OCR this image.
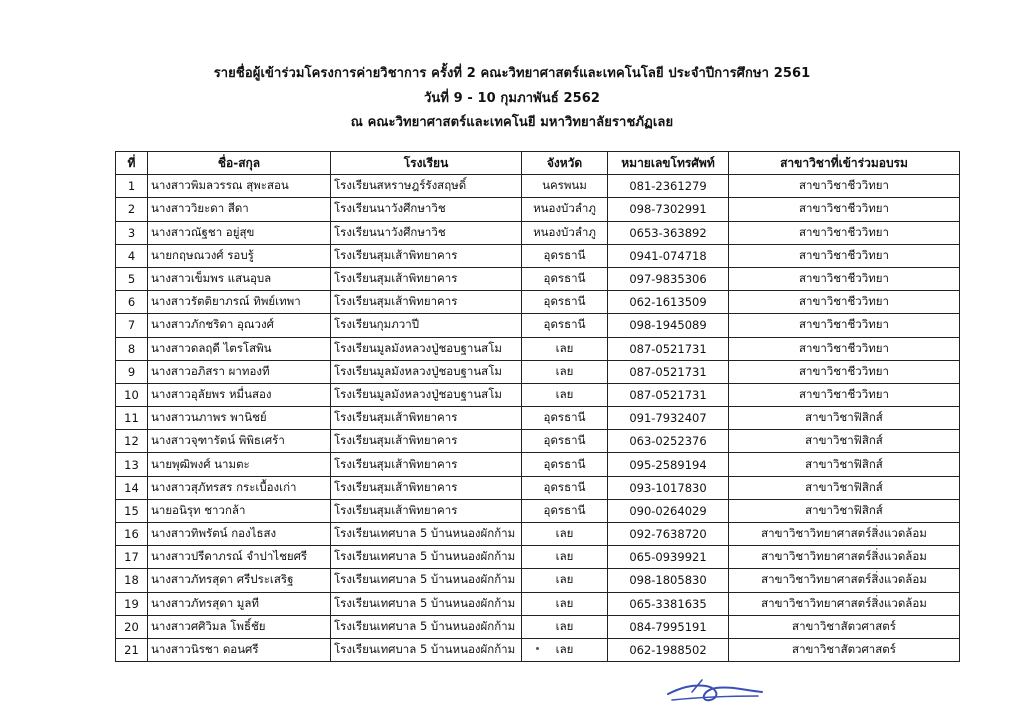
รายชื่อผู้เข้าร่วมโครงการค่ายวิชาการ ครั้งที่ 2 คณะวิทยาศาสตร์และเทคโนโลยี ประจำปีการศึกษา 2561
วันที่ 9 - 10 กุมภาพันธ์ 2562
ณ คณะวิทยาศาสตร์และเทคโนยี มหาวิทยาลัยราชภัฏเลย
ที่	ชื่อ-สกุล	โรงเรียน	จังหวัด	หมายเลขโทรศัพท์	สาขาวิชาที่เข้าร่วมอบรม
1	นางสาวพิมลวรรณ สุพะสอน	โรงเรียนสหราษฎร์รังสฤษดิ์	นครพนม	081-2361279	สาขาวิชาชีววิทยา
2	นางสาววิยะดา สีดา	โรงเรียนนาวังศึกษาวิช	หนองบัวลำภู	098-7302991	สาขาวิชาชีววิทยา
3	นางสาวณัฐชา อยู่สุข	โรงเรียนนาวังศึกษาวิช	หนองบัวลำภู	0653-363892	สาขาวิชาชีววิทยา
4	นายกฤษณวงศ์ รอบรู้	โรงเรียนสุมเส้าพิทยาคาร	อุดรธานี	0941-074718	สาขาวิชาชีววิทยา
5	นางสาวเข็มพร แสนอุบล	โรงเรียนสุมเส้าพิทยาคาร	อุดรธานี	097-9835306	สาขาวิชาชีววิทยา
6	นางสาวรัตติยาภรณ์ ทิพย์เทพา	โรงเรียนสุมเส้าพิทยาคาร	อุดรธานี	062-1613509	สาขาวิชาชีววิทยา
7	นางสาวภักชริดา อุณวงศ์	โรงเรียนกุมภวาปี	อุดรธานี	098-1945089	สาขาวิชาชีววิทยา
8	นางสาวดลฤดี ไตรโสพิน	โรงเรียนมูลมังหลวงปู่ชอบฐานสโม	เลย	087-0521731	สาขาวิชาชีววิทยา
9	นางสาวอภิสรา ผาทองที	โรงเรียนมูลมังหลวงปู่ชอบฐานสโม	เลย	087-0521731	สาขาวิชาชีววิทยา
10	นางสาวอุลัยพร หมื่นสอง	โรงเรียนมูลมังหลวงปู่ชอบฐานสโม	เลย	087-0521731	สาขาวิชาชีววิทยา
11	นางสาวนภาพร พานิชย์	โรงเรียนสุมเส้าพิทยาคาร	อุดรธานี	091-7932407	สาขาวิชาฟิสิกส์
12	นางสาวจุฑารัตน์ พิพิธเศร้า	โรงเรียนสุมเส้าพิทยาคาร	อุดรธานี	063-0252376	สาขาวิชาฟิสิกส์
13	นายพุฒิพงศ์ นามตะ	โรงเรียนสุมเส้าพิทยาคาร	อุดรธานี	095-2589194	สาขาวิชาฟิสิกส์
14	นางสาวสุภัทรสร กระเบื้องเก่า	โรงเรียนสุมเส้าพิทยาคาร	อุดรธานี	093-1017830	สาขาวิชาฟิสิกส์
15	นายอนิรุท ชาวกล้า	โรงเรียนสุมเส้าพิทยาคาร	อุดรธานี	090-0264029	สาขาวิชาฟิสิกส์
16	นางสาวทิพรัตน์ กองไธสง	โรงเรียนเทศบาล 5 บ้านหนองผักก้าม	เลย	092-7638720	สาขาวิชาวิทยาศาสตร์สิ่งแวดล้อม
17	นางสาวปรีดาภรณ์ จำปาไชยศรี	โรงเรียนเทศบาล 5 บ้านหนองผักก้าม	เลย	065-0939921	สาขาวิชาวิทยาศาสตร์สิ่งแวดล้อม
18	นางสาวภัทรสุดา ศรีประเสริฐ	โรงเรียนเทศบาล 5 บ้านหนองผักก้าม	เลย	098-1805830	สาขาวิชาวิทยาศาสตร์สิ่งแวดล้อม
19	นางสาวภัทรสุดา มูลที	โรงเรียนเทศบาล 5 บ้านหนองผักก้าม	เลย	065-3381635	สาขาวิชาวิทยาศาสตร์สิ่งแวดล้อม
20	นางสาวศศิวิมล โพธิ์ชัย	โรงเรียนเทศบาล 5 บ้านหนองผักก้าม	เลย	084-7995191	สาขาวิชาสัตวศาสตร์
21	นางสาวนิรชา ดอนศรี	โรงเรียนเทศบาล 5 บ้านหนองผักก้าม	เลย	062-1988502	สาขาวิชาสัตวศาสตร์
